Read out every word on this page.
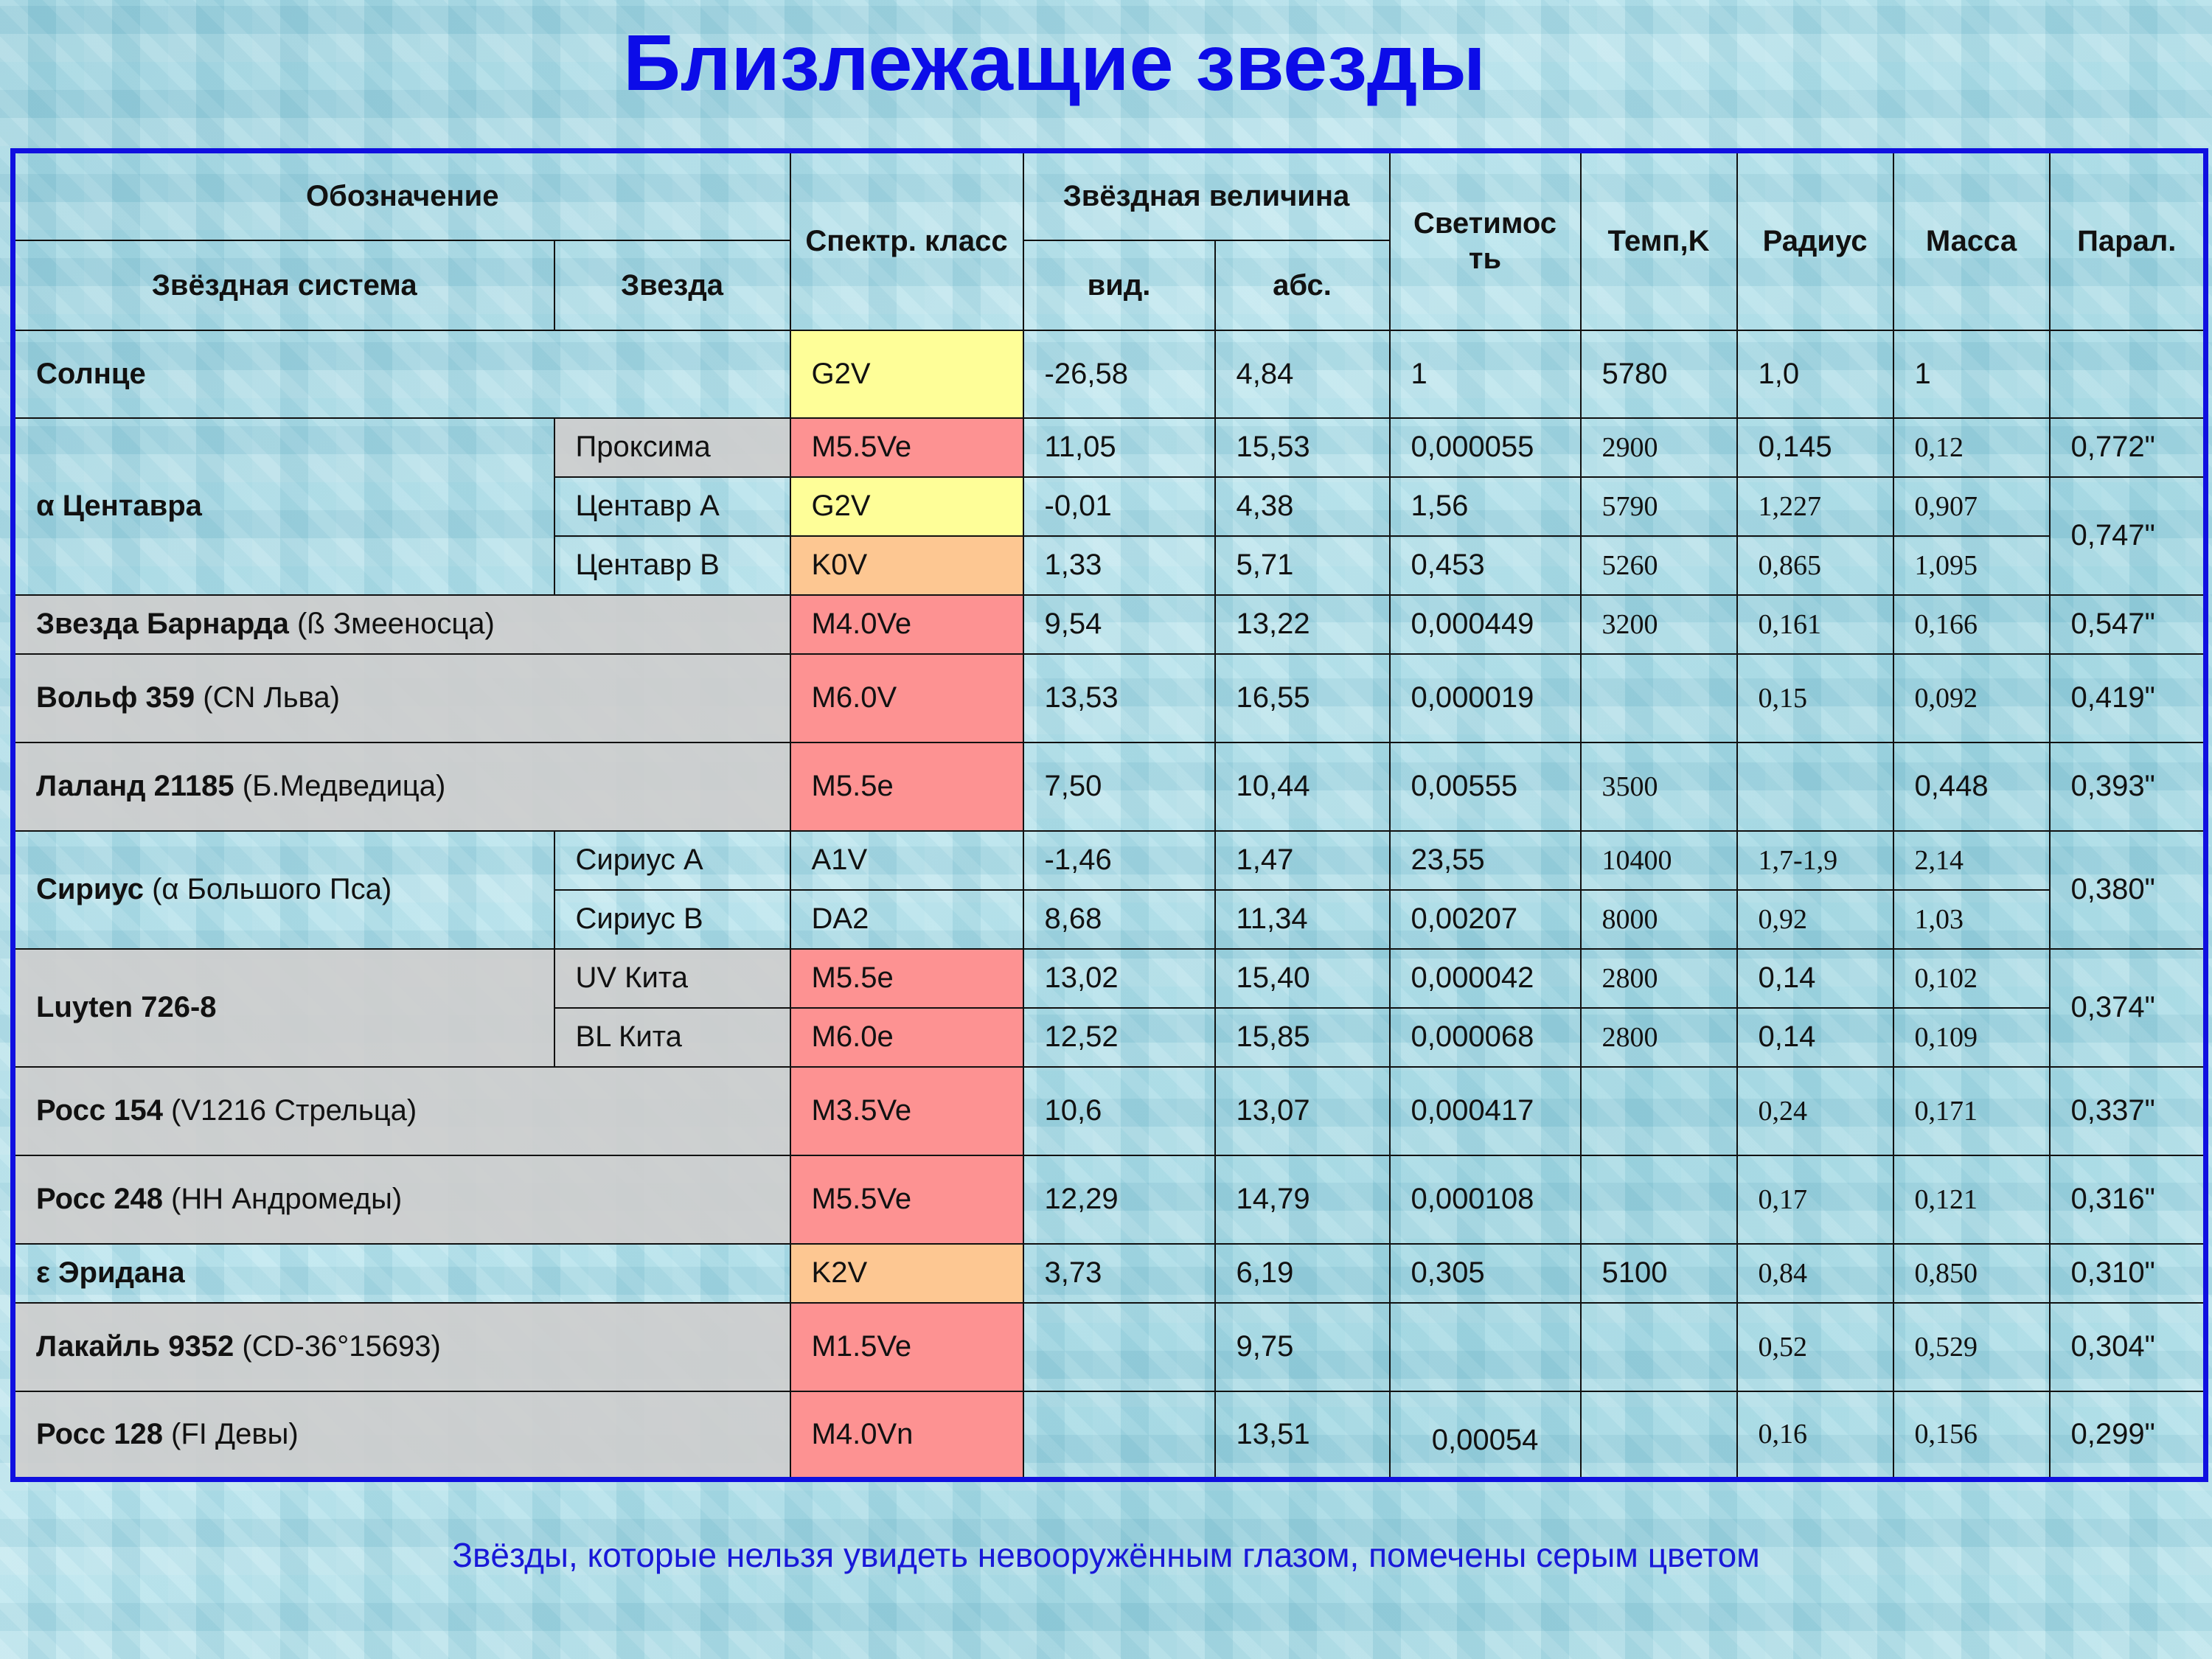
Близлежащие звезды
Обозначение		Спектр. класс	Звёздная величина		Светимос ть	Темп,K	Радиус	Масса	Парал.
Звёздная система	Звезда		вид.	абс.					
Солнце		G2V	-26,58	4,84	1	5780	1,0	1	
α Центавра	Проксима	M5.5Ve	11,05	15,53	0,000055	2900	0,145	0,12	0,772"
	Центавр А	G2V	-0,01	4,38	1,56	5790	1,227	0,907	0,747"
	Центавр В	K0V	1,33	5,71	0,453	5260	0,865	1,095	
Звезда Барнарда (ß Змееносца)		M4.0Ve	9,54	13,22	0,000449	3200	0,161	0,166	0,547"
Вольф 359 (CN Льва)		M6.0V	13,53	16,55	0,000019		0,15	0,092	0,419"
Лаланд 21185 (Б.Медведица)		M5.5e	7,50	10,44	0,00555	3500		0,448	0,393"
Сириус (α Большого Пса)	Сириус А	A1V	-1,46	1,47	23,55	10400	1,7-1,9	2,14	0,380"
	Сириус В	DA2	8,68	11,34	0,00207	8000	0,92	1,03	
Luyten 726-8	UV Кита	M5.5e	13,02	15,40	0,000042	2800	0,14	0,102	0,374"
	BL Кита	M6.0e	12,52	15,85	0,000068	2800	0,14	0,109	
Росс 154 (V1216 Стрельца)		M3.5Ve	10,6	13,07	0,000417		0,24	0,171	0,337"
Росс 248 (HH Андромеды)		M5.5Ve	12,29	14,79	0,000108		0,17	0,121	0,316"
ε Эридана		K2V	3,73	6,19	0,305	5100	0,84	0,850	0,310"
Лакайль 9352 (CD-36°15693)		M1.5Ve		9,75			0,52	0,529	0,304"
Росс 128 (FI Девы)		M4.0Vn		13,51	0,00054		0,16	0,156	0,299"
Звёзды, которые нельзя увидеть невооружённым глазом, помечены серым цветом
